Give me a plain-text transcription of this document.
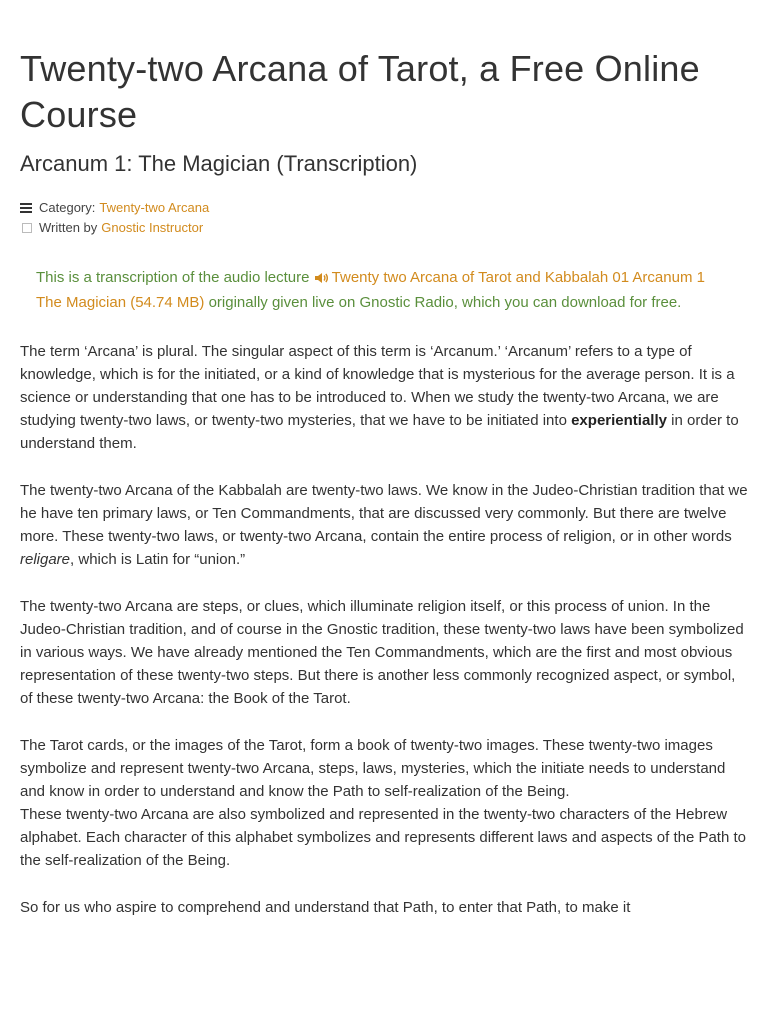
Twenty-two Arcana of Tarot, a Free Online Course
Arcanum 1: The Magician (Transcription)
Category: Twenty-two Arcana
Written by Gnostic Instructor
This is a transcription of the audio lecture Twenty two Arcana of Tarot and Kabbalah 01 Arcanum 1 The Magician (54.74 MB) originally given live on Gnostic Radio, which you can download for free.

The term ‘Arcana’ is plural. The singular aspect of this term is ‘Arcanum.’ ‘Arcanum’ refers to a type of knowledge, which is for the initiated, or a kind of knowledge that is mysterious for the average person. It is a science or understanding that one has to be introduced to. When we study the twenty-two Arcana, we are studying twenty-two laws, or twenty-two mysteries, that we have to be initiated into experientially in order to understand them.

The twenty-two Arcana of the Kabbalah are twenty-two laws. We know in the Judeo-Christian tradition that we he have ten primary laws, or Ten Commandments, that are discussed very commonly. But there are twelve more. These twenty-two laws, or twenty-two Arcana, contain the entire process of religion, or in other words religare, which is Latin for “union.”

The twenty-two Arcana are steps, or clues, which illuminate religion itself, or this process of union. In the Judeo-Christian tradition, and of course in the Gnostic tradition, these twenty-two laws have been symbolized in various ways. We have already mentioned the Ten Commandments, which are the first and most obvious representation of these twenty-two steps. But there is another less commonly recognized aspect, or symbol, of these twenty-two Arcana: the Book of the Tarot.

The Tarot cards, or the images of the Tarot, form a book of twenty-two images. These twenty-two images symbolize and represent twenty-two Arcana, steps, laws, mysteries, which the initiate needs to understand and know in order to understand and know the Path to self-realization of the Being.

These twenty-two Arcana are also symbolized and represented in the twenty-two characters of the Hebrew alphabet. Each character of this alphabet symbolizes and represents different laws and aspects of the Path to the self-realization of the Being.

So for us who aspire to comprehend and understand that Path, to enter that Path, to make it
